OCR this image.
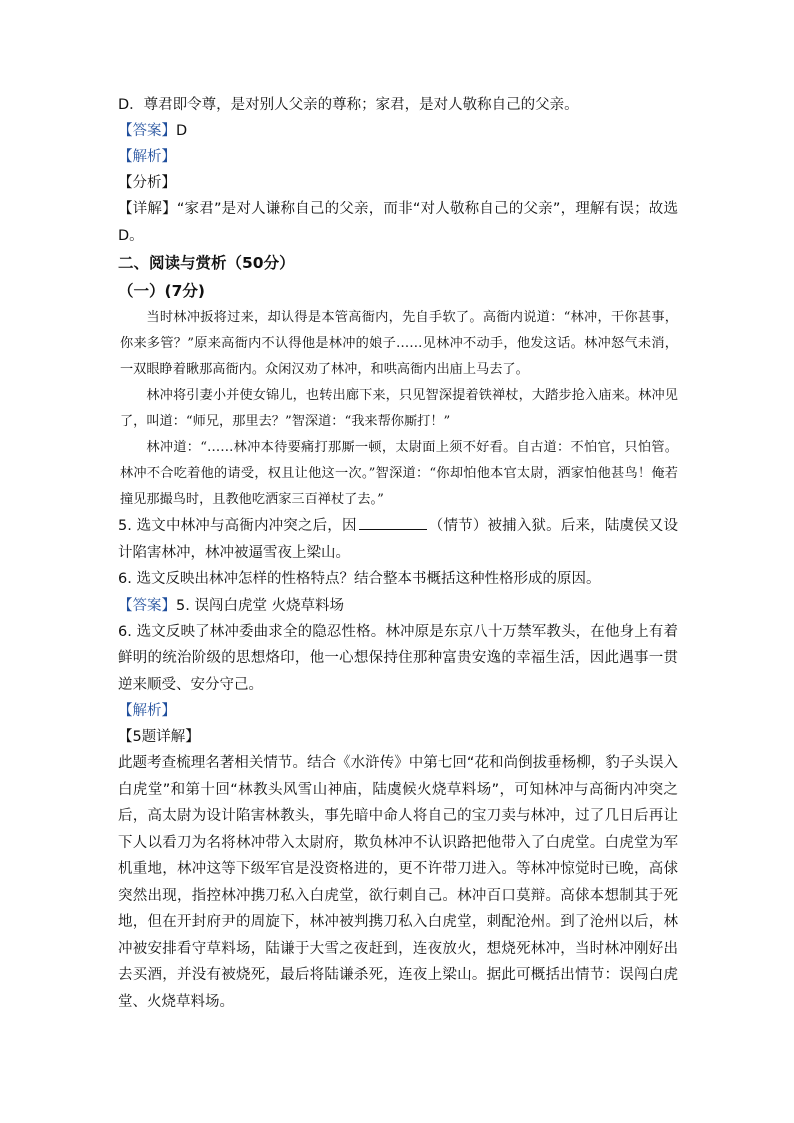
D．尊君即令尊，是对别人父亲的尊称；家君，是对人敬称自己的父亲。
【答案】D
【解析】
【分析】
【详解】“家君”是对人谦称自己的父亲，而非“对人敬称自己的父亲”，理解有误；故选D。
二、阅读与赏析（50分）
（一）(7分)
当时林冲扳将过来，却认得是本管高衙内，先自手软了。高衙内说道：“林冲，干你甚事，你来多管？”原来高衙内不认得他是林冲的娘子……见林冲不动手，他发这话。林冲怒气未消，一双眼睁着瞅那高衙内。众闲汉劝了林冲，和哄高衙内出庙上马去了。
林冲将引妻小并使女锦儿，也转出廊下来，只见智深提着铁禅杖，大踏步抢入庙来。林冲见了，叫道：“师兄，那里去？”智深道：“我来帮你厮打！”
林冲道：“……林冲本待要痛打那厮一顿，太尉面上须不好看。自古道：不怕官，只怕管。林冲不合吃着他的请受，权且让他这一次。”智深道：“你却怕他本官太尉，洒家怕他甚鸟！俺若撞见那撮鸟时，且教他吃洒家三百禅杖了去。”
5. 选文中林冲与高衙内冲突之后，因	（情节）被捕入狱。后来，陆虞侯又设计陷害林冲，林冲被逼雪夜上梁山。
6. 选文反映出林冲怎样的性格特点？结合整本书概括这种性格形成的原因。
【答案】5. 误闯白虎堂 火烧草料场
6. 选文反映了林冲委曲求全的隐忍性格。林冲原是东京八十万禁军教头，在他身上有着鲜明的统治阶级的思想烙印，他一心想保持住那种富贵安逸的幸福生活，因此遇事一贯逆来顺受、安分守己。
【解析】
【5题详解】
此题考查梳理名著相关情节。结合《水浒传》中第七回“花和尚倒拔垂杨柳，豹子头误入白虎堂”和第十回“林教头风雪山神庙，陆虞候火烧草料场”，可知林冲与高衙内冲突之后，高太尉为设计陷害林教头，事先暗中命人将自己的宝刀卖与林冲，过了几日后再让下人以看刀为名将林冲带入太尉府，欺负林冲不认识路把他带入了白虎堂。白虎堂为军机重地，林冲这等下级军官是没资格进的，更不许带刀进入。等林冲惊觉时已晚，高俅突然出现，指控林冲携刀私入白虎堂，欲行刺自己。林冲百口莫辩。高俅本想制其于死地，但在开封府尹的周旋下，林冲被判携刀私入白虎堂，刺配沧州。到了沧州以后，林冲被安排看守草料场，陆谦于大雪之夜赶到，连夜放火，想烧死林冲，当时林冲刚好出去买酒，并没有被烧死，最后将陆谦杀死，连夜上梁山。据此可概括出情节：误闯白虎堂、火烧草料场。
